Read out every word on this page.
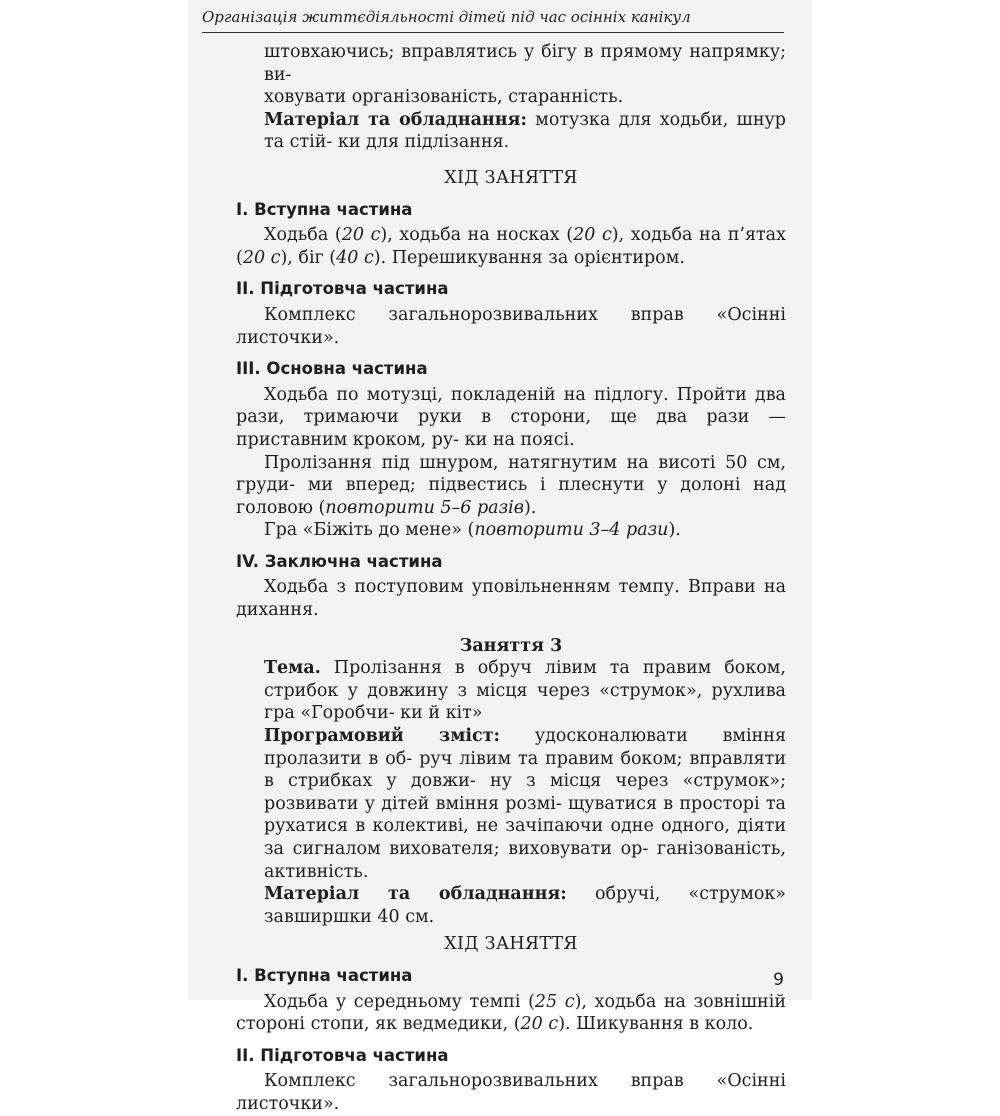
Організація життєдіяльності дітей під час осінніх канікул

штовхаючись; вправлятись у бігу в прямому напрямку; ви-

ховувати організованість, старанність.

Матеріал та обладнання: мотузка для ходьби, шнур та стій- ки для підлізання.

ХІД ЗАНЯТТЯ

І. Вступна частина

Ходьба (20 с), ходьба на носках (20 с), ходьба на п’ятах (20 с), біг (40 с). Перешикування за орієнтиром.

ІІ. Підготовча частина

Комплекс загальнорозвивальних вправ «Осінні листочки».

ІІІ. Основна частина

Ходьба по мотузці, покладеній на підлогу. Пройти два рази, тримаючи руки в сторони, ще два рази — приставним кроком, ру- ки на поясі.

Пролізання під шнуром, натягнутим на висоті 50 см, груди- ми вперед; підвестись і плеснути у долоні над головою (повторити 5–6 разів).

Гра «Біжіть до мене» (повторити 3–4 рази).

IV. Заключна частина

Ходьба з поступовим уповільненням темпу. Вправи на дихання.

Заняття 3

Тема. Пролізання в обруч лівим та правим боком, стрибок у довжину з місця через «струмок», рухлива гра «Горобчи- ки й кіт»

Програмовий зміст: удосконалювати вміння пролазити в об- руч лівим та правим боком; вправляти в стрибках у довжи- ну з місця через «струмок»; розвивати у дітей вміння розмі- щуватися в просторі та рухатися в колективі, не зачіпаючи одне одного, діяти за сигналом вихователя; виховувати ор- ганізованість, активність.

Матеріал та обладнання: обручі, «струмок» завширшки 40 см.

ХІД ЗАНЯТТЯ

І. Вступна частина

Ходьба у середньому темпі (25 с), ходьба на зовнішній стороні стопи, як ведмедики, (20 с). Шикування в коло.

ІІ. Підготовча частина

Комплекс загальнорозвивальних вправ «Осінні листочки».

9
